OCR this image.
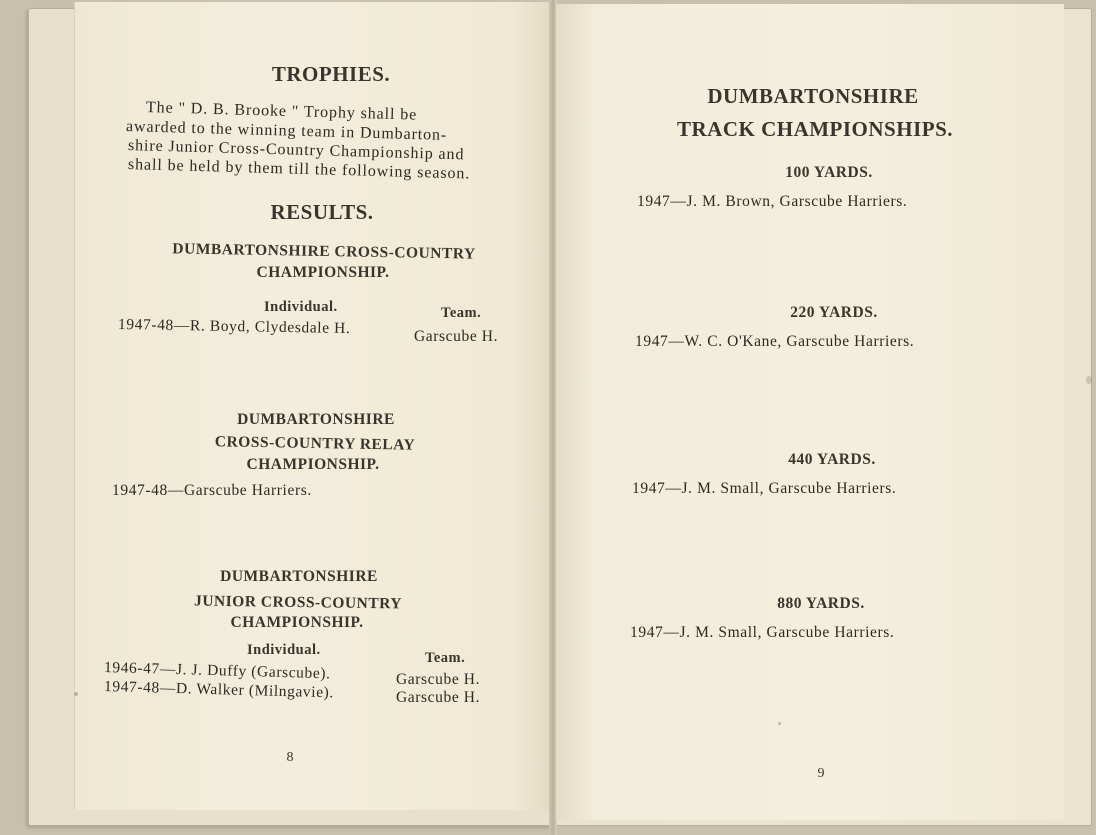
TROPHIES.
The " D. B. Brooke " Trophy shall be
awarded to the winning team in Dumbarton-
shire Junior Cross-Country Championship and
shall be held by them till the following season.
RESULTS.
DUMBARTONSHIRE CROSS-COUNTRY
CHAMPIONSHIP.
Individual.	Team.
1947-48—R. Boyd, Clydesdale H.	Garscube H.
DUMBARTONSHIRE
CROSS-COUNTRY RELAY
CHAMPIONSHIP.
1947-48—Garscube Harriers.
DUMBARTONSHIRE
JUNIOR CROSS-COUNTRY
CHAMPIONSHIP.
Individual.	Team.
1946-47—J. J. Duffy (Garscube).	Garscube H.
1947-48—D. Walker (Milngavie).	Garscube H.
8
DUMBARTONSHIRE
TRACK CHAMPIONSHIPS.
100 YARDS.
1947—J. M. Brown, Garscube Harriers.
220 YARDS.
1947—W. C. O'Kane, Garscube Harriers.
440 YARDS.
1947—J. M. Small, Garscube Harriers.
880 YARDS.
1947—J. M. Small, Garscube Harriers.
9
